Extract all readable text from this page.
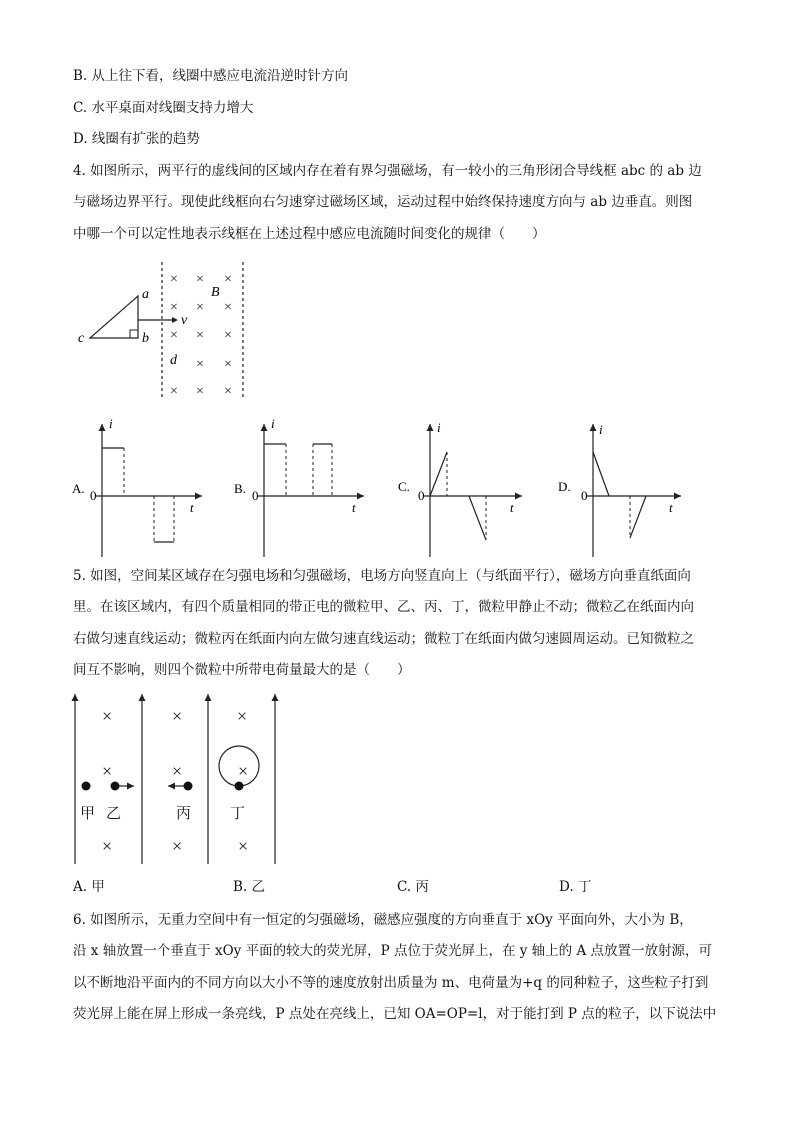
B. 从上往下看，线圈中感应电流沿逆时针方向
C. 水平桌面对线圈支持力增大
D. 线圈有扩张的趋势
4. 如图所示，两平行的虚线间的区域内存在着有界匀强磁场，有一较小的三角形闭合导线框 abc 的 ab 边
与磁场边界平行。现使此线框向右匀速穿过磁场区域，运动过程中始终保持速度方向与 ab 边垂直。则图
中哪一个可以定性地表示线框在上述过程中感应电流随时间变化的规律（　　）
a
b
c
v
B
d
× × ×
× × ×
× × ×
× ×
× × ×
A. 0
i
t
B. 0
i
t
C.
0
i
t
D.
0
i
t
5. 如图，空间某区域存在匀强电场和匀强磁场，电场方向竖直向上（与纸面平行），磁场方向垂直纸面向
里。在该区域内，有四个质量相同的带正电的微粒甲、乙、丙、丁，微粒甲静止不动；微粒乙在纸面内向
右做匀速直线运动；微粒丙在纸面内向左做匀速直线运动；微粒丁在纸面内做匀速圆周运动。已知微粒之
间互不影响，则四个微粒中所带电荷量最大的是（　　）
×	×	×
×	×	×
×	×	×
甲 乙	丙	丁
A. 甲	B. 乙	C. 丙	D. 丁
6. 如图所示，无重力空间中有一恒定的匀强磁场，磁感应强度的方向垂直于 xOy 平面向外，大小为 B，
沿 x 轴放置一个垂直于 xOy 平面的较大的荧光屏，P 点位于荧光屏上，在 y 轴上的 A 点放置一放射源，可
以不断地沿平面内的不同方向以大小不等的速度放射出质量为 m、电荷量为+q 的同种粒子，这些粒子打到
荧光屏上能在屏上形成一条亮线，P 点处在亮线上，已知 OA=OP=l，对于能打到 P 点的粒子，以下说法中
